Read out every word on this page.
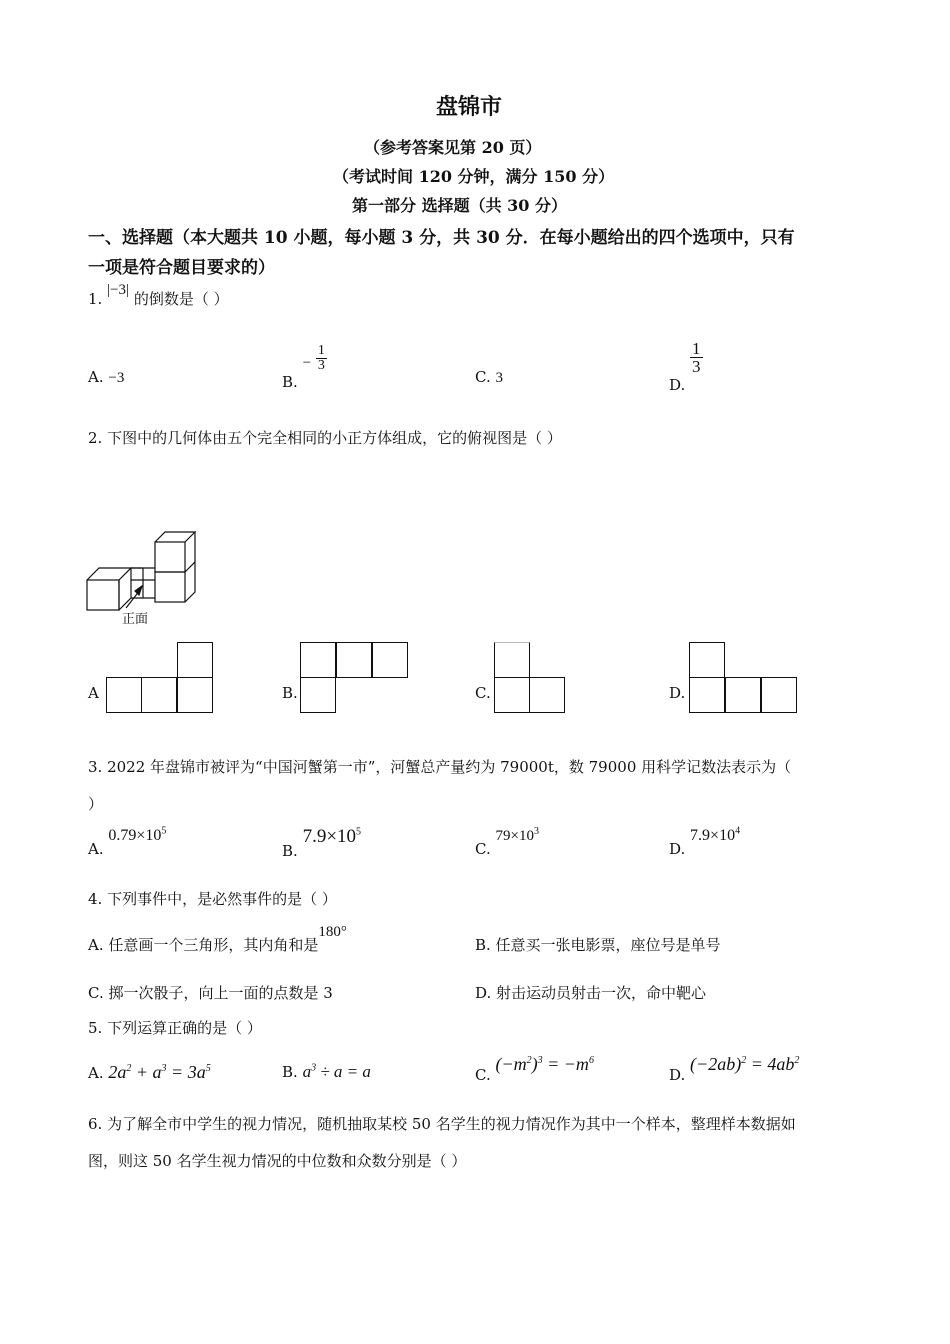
盘锦市
（参考答案见第 20 页）
（考试时间 120 分钟，满分 150 分）
第一部分 选择题（共 30 分）
一、选择题（本大题共 10 小题，每小题 3 分，共 30 分．在每小题给出的四个选项中，只有
一项是符合题目要求的）
1. |−3| 的倒数是（ ）
A. −3	B. − $\frac{1}{3}$
C. 3	D.
$\frac{1}{3}$
2. 下图中的几何体由五个完全相同的小正方体组成，它的俯视图是（ ）
正面
A	B.	C.	D.
3. 2022 年盘锦市被评为“中国河蟹第一市”，河蟹总产量约为 79000t，数 79000 用科学记数法表示为（
）
A. $0.79\times 10^5$
B. $7.9\times 10^5$
C. $79\times 10^3$
D. $7.9\times 10^4$
4. 下列事件中，是必然事件的是（ ）
A. 任意画一个三角形，其内角和是180°
B. 任意买一张电影票，座位号是单号
C. 掷一次骰子，向上一面的点数是 3	D. 射击运动员射击一次，命中靶心
5. 下列运算正确的是（ ）
A. $2a^2 + a^3 = 3a^5$	B. $a^3 \div a = a$	C. $(-m^2)^3 = -m^6$
D. $(-2ab)^2 = 4ab^2$
6. 为了解全市中学生的视力情况，随机抽取某校 50 名学生的视力情况作为其中一个样本，整理样本数据如
图，则这 50 名学生视力情况的中位数和众数分别是（ ）
